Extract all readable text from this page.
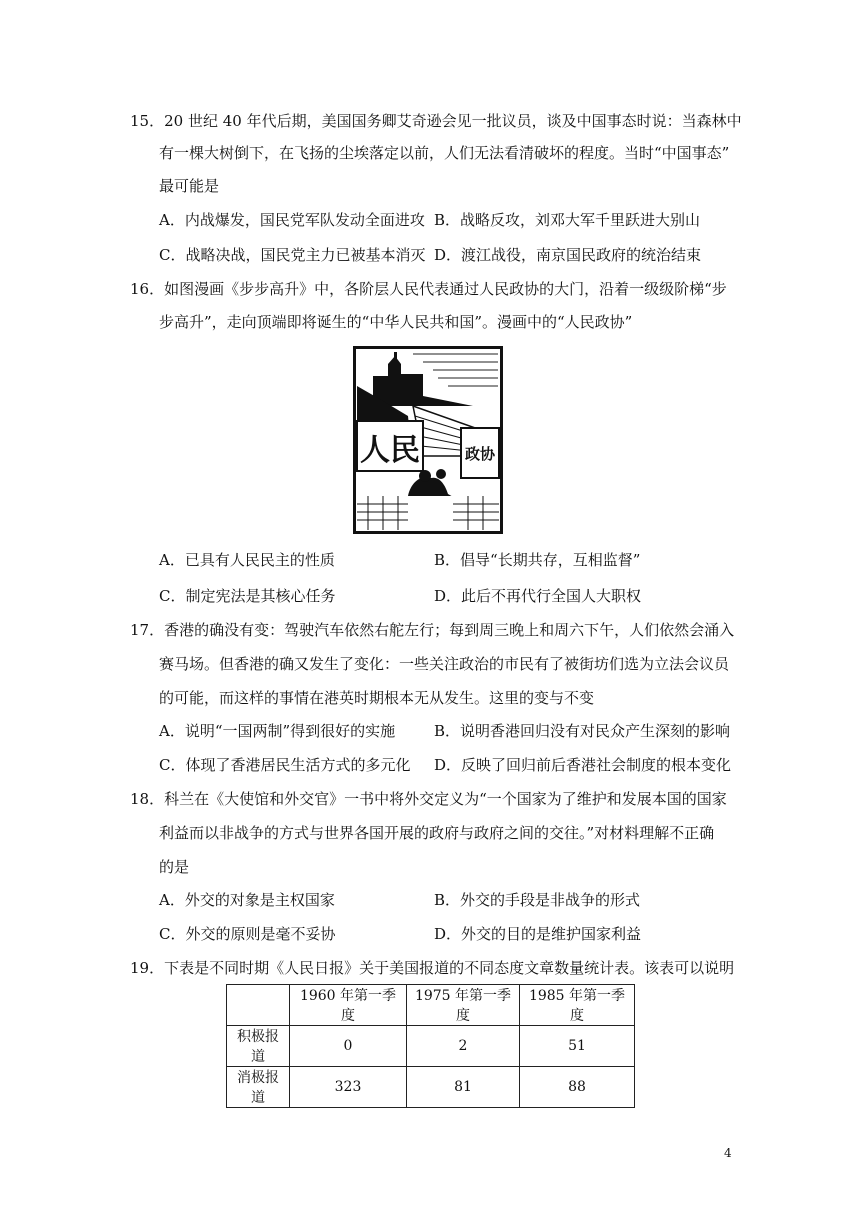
15．20 世纪 40 年代后期，美国国务卿艾奇逊会见一批议员，谈及中国事态时说：当森林中
有一棵大树倒下，在飞扬的尘埃落定以前，人们无法看清破坏的程度。当时“中国事态”
最可能是
A．内战爆发，国民党军队发动全面进攻 B．战略反攻，刘邓大军千里跃进大别山
C．战略决战，国民党主力已被基本消灭 D．渡江战役，南京国民政府的统治结束
16．如图漫画《步步高升》中，各阶层人民代表通过人民政协的大门，沿着一级级阶梯“步
步高升”，走向顶端即将诞生的“中华人民共和国”。漫画中的“人民政协”
人民	政协
A．已具有人民民主的性质	B．倡导“长期共存，互相监督”
C．制定宪法是其核心任务	D．此后不再代行全国人大职权
17．香港的确没有变：驾驶汽车依然右舵左行；每到周三晚上和周六下午，人们依然会涌入
赛马场。但香港的确又发生了变化：一些关注政治的市民有了被街坊们选为立法会议员
的可能，而这样的事情在港英时期根本无从发生。这里的变与不变
A．说明“一国两制”得到很好的实施	B．说明香港回归没有对民众产生深刻的影响
C．体现了香港居民生活方式的多元化 D．反映了回归前后香港社会制度的根本变化
18．科兰在《大使馆和外交官》一书中将外交定义为“一个国家为了维护和发展本国的国家
利益而以非战争的方式与世界各国开展的政府与政府之间的交往。”对材料理解不正确
的是
A．外交的对象是主权国家	B．外交的手段是非战争的形式
C．外交的原则是毫不妥协	D．外交的目的是维护国家利益
19．下表是不同时期《人民日报》关于美国报道的不同态度文章数量统计表。该表可以说明
	1960 年第一季度	1975 年第一季度	1985 年第一季度
积极报道	0	2	51
消极报道	323	81	88
4
